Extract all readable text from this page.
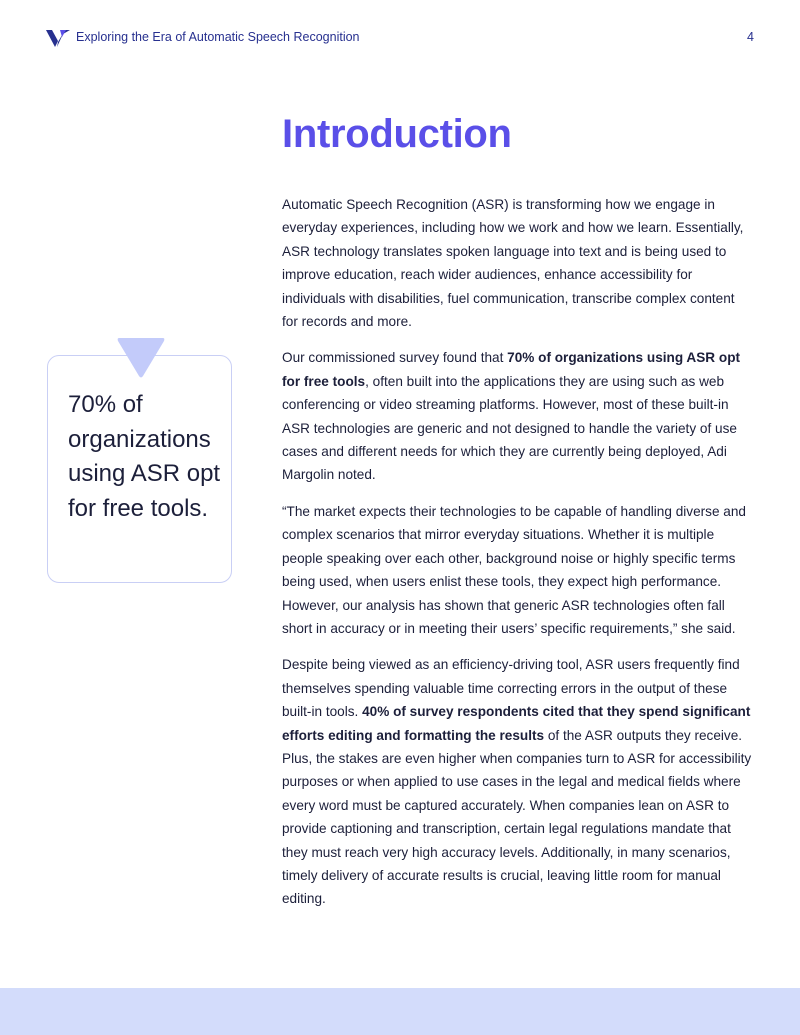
Exploring the Era of Automatic Speech Recognition	4
Introduction

Automatic Speech Recognition (ASR) is transforming how we engage in everyday experiences, including how we work and how we learn. Essentially, ASR technology translates spoken language into text and is being used to improve education, reach wider audiences, enhance accessibility for individuals with disabilities, fuel communication, transcribe complex content for records and more.

Our commissioned survey found that 70% of organizations using ASR opt for free tools, often built into the applications they are using such as web conferencing or video streaming platforms. However, most of these built-in ASR technologies are generic and not designed to handle the variety of use cases and different needs for which they are currently being deployed, Adi Margolin noted.

“The market expects their technologies to be capable of handling diverse and complex scenarios that mirror everyday situations. Whether it is multiple people speaking over each other, background noise or highly specific terms being used, when users enlist these tools, they expect high performance. However, our analysis has shown that generic ASR technologies often fall short in accuracy or in meeting their users’ specific requirements,” she said.

Despite being viewed as an efficiency-driving tool, ASR users frequently find themselves spending valuable time correcting errors in the output of these built-in tools. 40% of survey respondents cited that they spend significant efforts editing and formatting the results of the ASR outputs they receive. Plus, the stakes are even higher when companies turn to ASR for accessibility purposes or when applied to use cases in the legal and medical fields where every word must be captured accurately. When companies lean on ASR to provide captioning and transcription, certain legal regulations mandate that they must reach very high accuracy levels. Additionally, in many scenarios, timely delivery of accurate results is crucial, leaving little room for manual editing.

70% of organizations using ASR opt for free tools.
